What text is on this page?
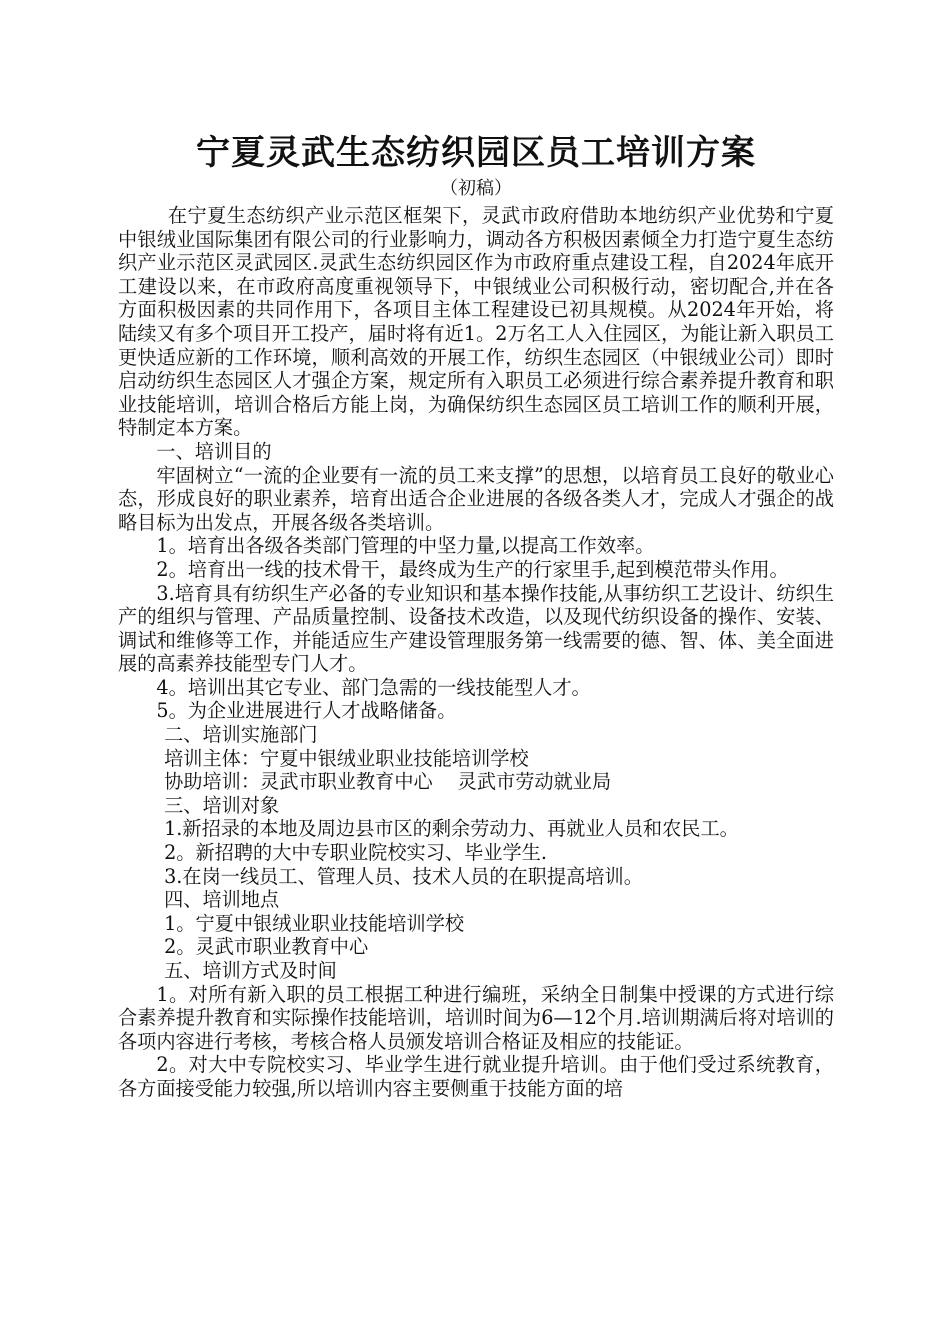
宁夏灵武生态纺织园区员工培训方案

（初稿）

在宁夏生态纺织产业示范区框架下，灵武市政府借助本地纺织产业优势和宁夏中银绒业国际集团有限公司的行业影响力，调动各方积极因素倾全力打造宁夏生态纺织产业示范区灵武园区.灵武生态纺织园区作为市政府重点建设工程，自2024年底开工建设以来，在市政府高度重视领导下，中银绒业公司积极行动，密切配合,并在各方面积极因素的共同作用下，各项目主体工程建设已初具规模。从2024年开始，将陆续又有多个项目开工投产，届时将有近1。2万名工人入住园区，为能让新入职员工更快适应新的工作环境，顺利高效的开展工作，纺织生态园区（中银绒业公司）即时启动纺织生态园区人才强企方案，规定所有入职员工必须进行综合素养提升教育和职业技能培训，培训合格后方能上岗，为确保纺织生态园区员工培训工作的顺利开展，特制定本方案。

一、培训目的

牢固树立“一流的企业要有一流的员工来支撑”的思想，以培育员工良好的敬业心态，形成良好的职业素养，培育出适合企业进展的各级各类人才，完成人才强企的战略目标为出发点，开展各级各类培训。

1。培育出各级各类部门管理的中坚力量,以提高工作效率。

2。培育出一线的技术骨干，最终成为生产的行家里手,起到模范带头作用。

3.培育具有纺织生产必备的专业知识和基本操作技能,从事纺织工艺设计、纺织生产的组织与管理、产品质量控制、设备技术改造，以及现代纺织设备的操作、安装、调试和维修等工作，并能适应生产建设管理服务第一线需要的德、智、体、美全面进展的高素养技能型专门人才。

4。培训出其它专业、部门急需的一线技能型人才。

5。为企业进展进行人才战略储备。

二、培训实施部门

培训主体：宁夏中银绒业职业技能培训学校

协助培训：灵武市职业教育中心 灵武市劳动就业局

三、培训对象

1.新招录的本地及周边县市区的剩余劳动力、再就业人员和农民工。

2。新招聘的大中专职业院校实习、毕业学生.

3.在岗一线员工、管理人员、技术人员的在职提高培训。

四、培训地点

1。宁夏中银绒业职业技能培训学校

2。灵武市职业教育中心

五、培训方式及时间

1。对所有新入职的员工根据工种进行编班，采纳全日制集中授课的方式进行综合素养提升教育和实际操作技能培训，培训时间为6—12个月.培训期满后将对培训的各项内容进行考核，考核合格人员颁发培训合格证及相应的技能证。

2。对大中专院校实习、毕业学生进行就业提升培训。由于他们受过系统教育，各方面接受能力较强,所以培训内容主要侧重于技能方面的培
